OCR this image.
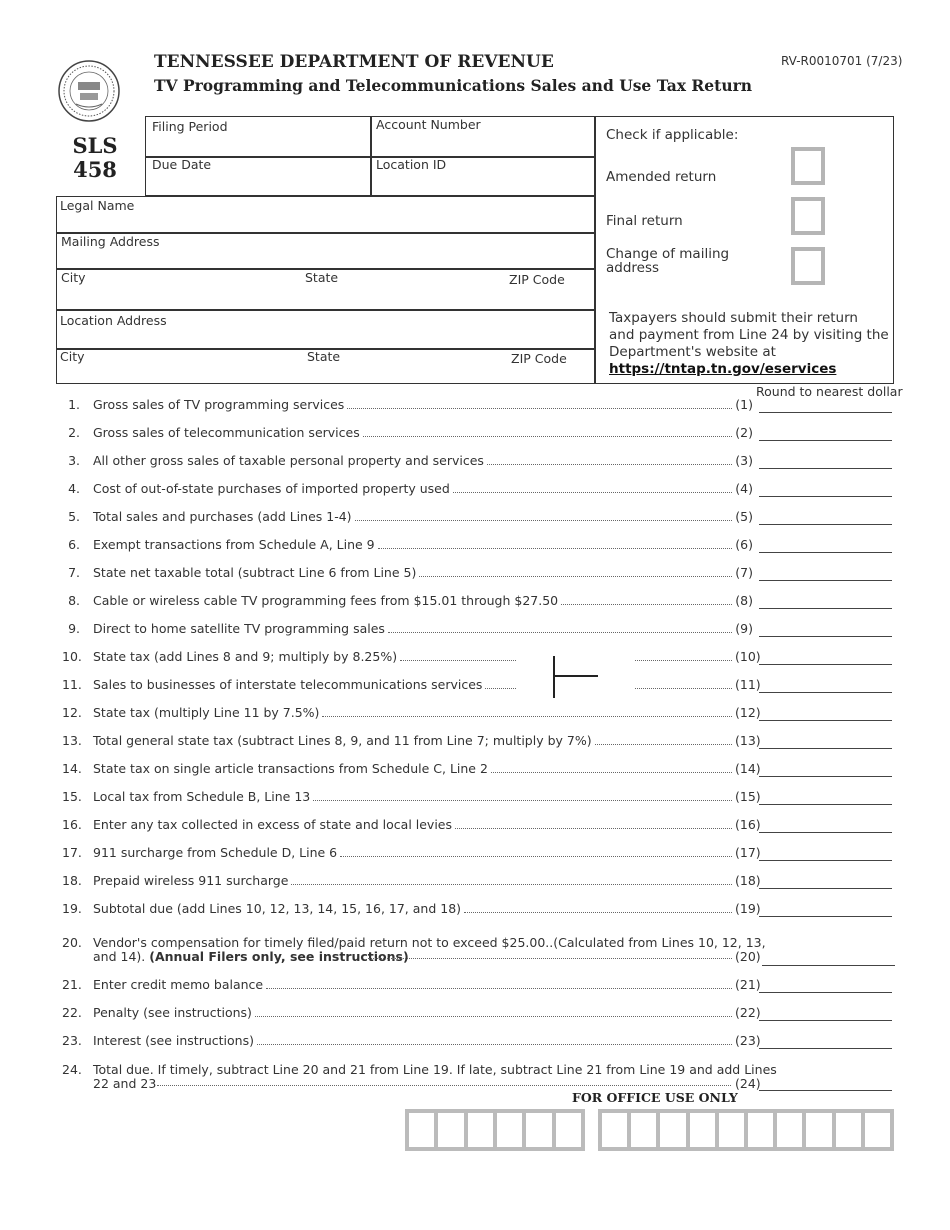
SLS
458
TENNESSEE DEPARTMENT OF REVENUE
TV Programming and Telecommunications Sales and Use Tax Return
RV-R0010701 (7/23)
Filing Period	Account Number
Due Date	Location ID
Legal Name
Mailing Address
City	State	ZIP Code
Location Address
City	State	ZIP Code
Check if applicable:
Amended return
Final return
Change of mailing
address
Taxpayers should submit their return
and payment from Line 24 by visiting the
Department's website at
https://tntap.tn.gov/eservices
Round to nearest dollar
1. Gross sales of TV programming services	(1)
2. Gross sales of telecommunication services	(2)
3. All other gross sales of taxable personal property and services	(3)
4. Cost of out-of-state purchases of imported property used	(4)
5. Total sales and purchases (add Lines 1-4)	(5)
6. Exempt transactions from Schedule A, Line 9	(6)
7. State net taxable total (subtract Line 6 from Line 5)	(7)
8. Cable or wireless cable TV programming fees from $15.01 through $27.50	(8)
9. Direct to home satellite TV programming sales	(9)
10. State tax (add Lines 8 and 9; multiply by 8.25%)	(10)
11. Sales to businesses of interstate telecommunications services	(11)
12. State tax (multiply Line 11 by 7.5%)	(12)
13. Total general state tax (subtract Lines 8, 9, and 11 from Line 7; multiply by 7%)	(13)
14. State tax on single article transactions from Schedule C, Line 2	(14)
15. Local tax from Schedule B, Line 13	(15)
16. Enter any tax collected in excess of state and local levies	(16)
17. 911 surcharge from Schedule D, Line 6	(17)
18. Prepaid wireless 911 surcharge	(18)
19. Subtotal due (add Lines 10, 12, 13, 14, 15, 16, 17, and 18)	(19)
20. Vendor's compensation for timely filed/paid return not to exceed $25.00..(Calculated from Lines 10, 12, 13,
and 14). (Annual Filers only, see instructions)	(20)
21. Enter credit memo balance	(21)
22. Penalty (see instructions)	(22)
23. Interest (see instructions)	(23)
24. Total due. If timely, subtract Line 20 and 21 from Line 19. If late, subtract Line 21 from Line 19 and add Lines
22 and 23	(24)
FOR OFFICE USE ONLY
